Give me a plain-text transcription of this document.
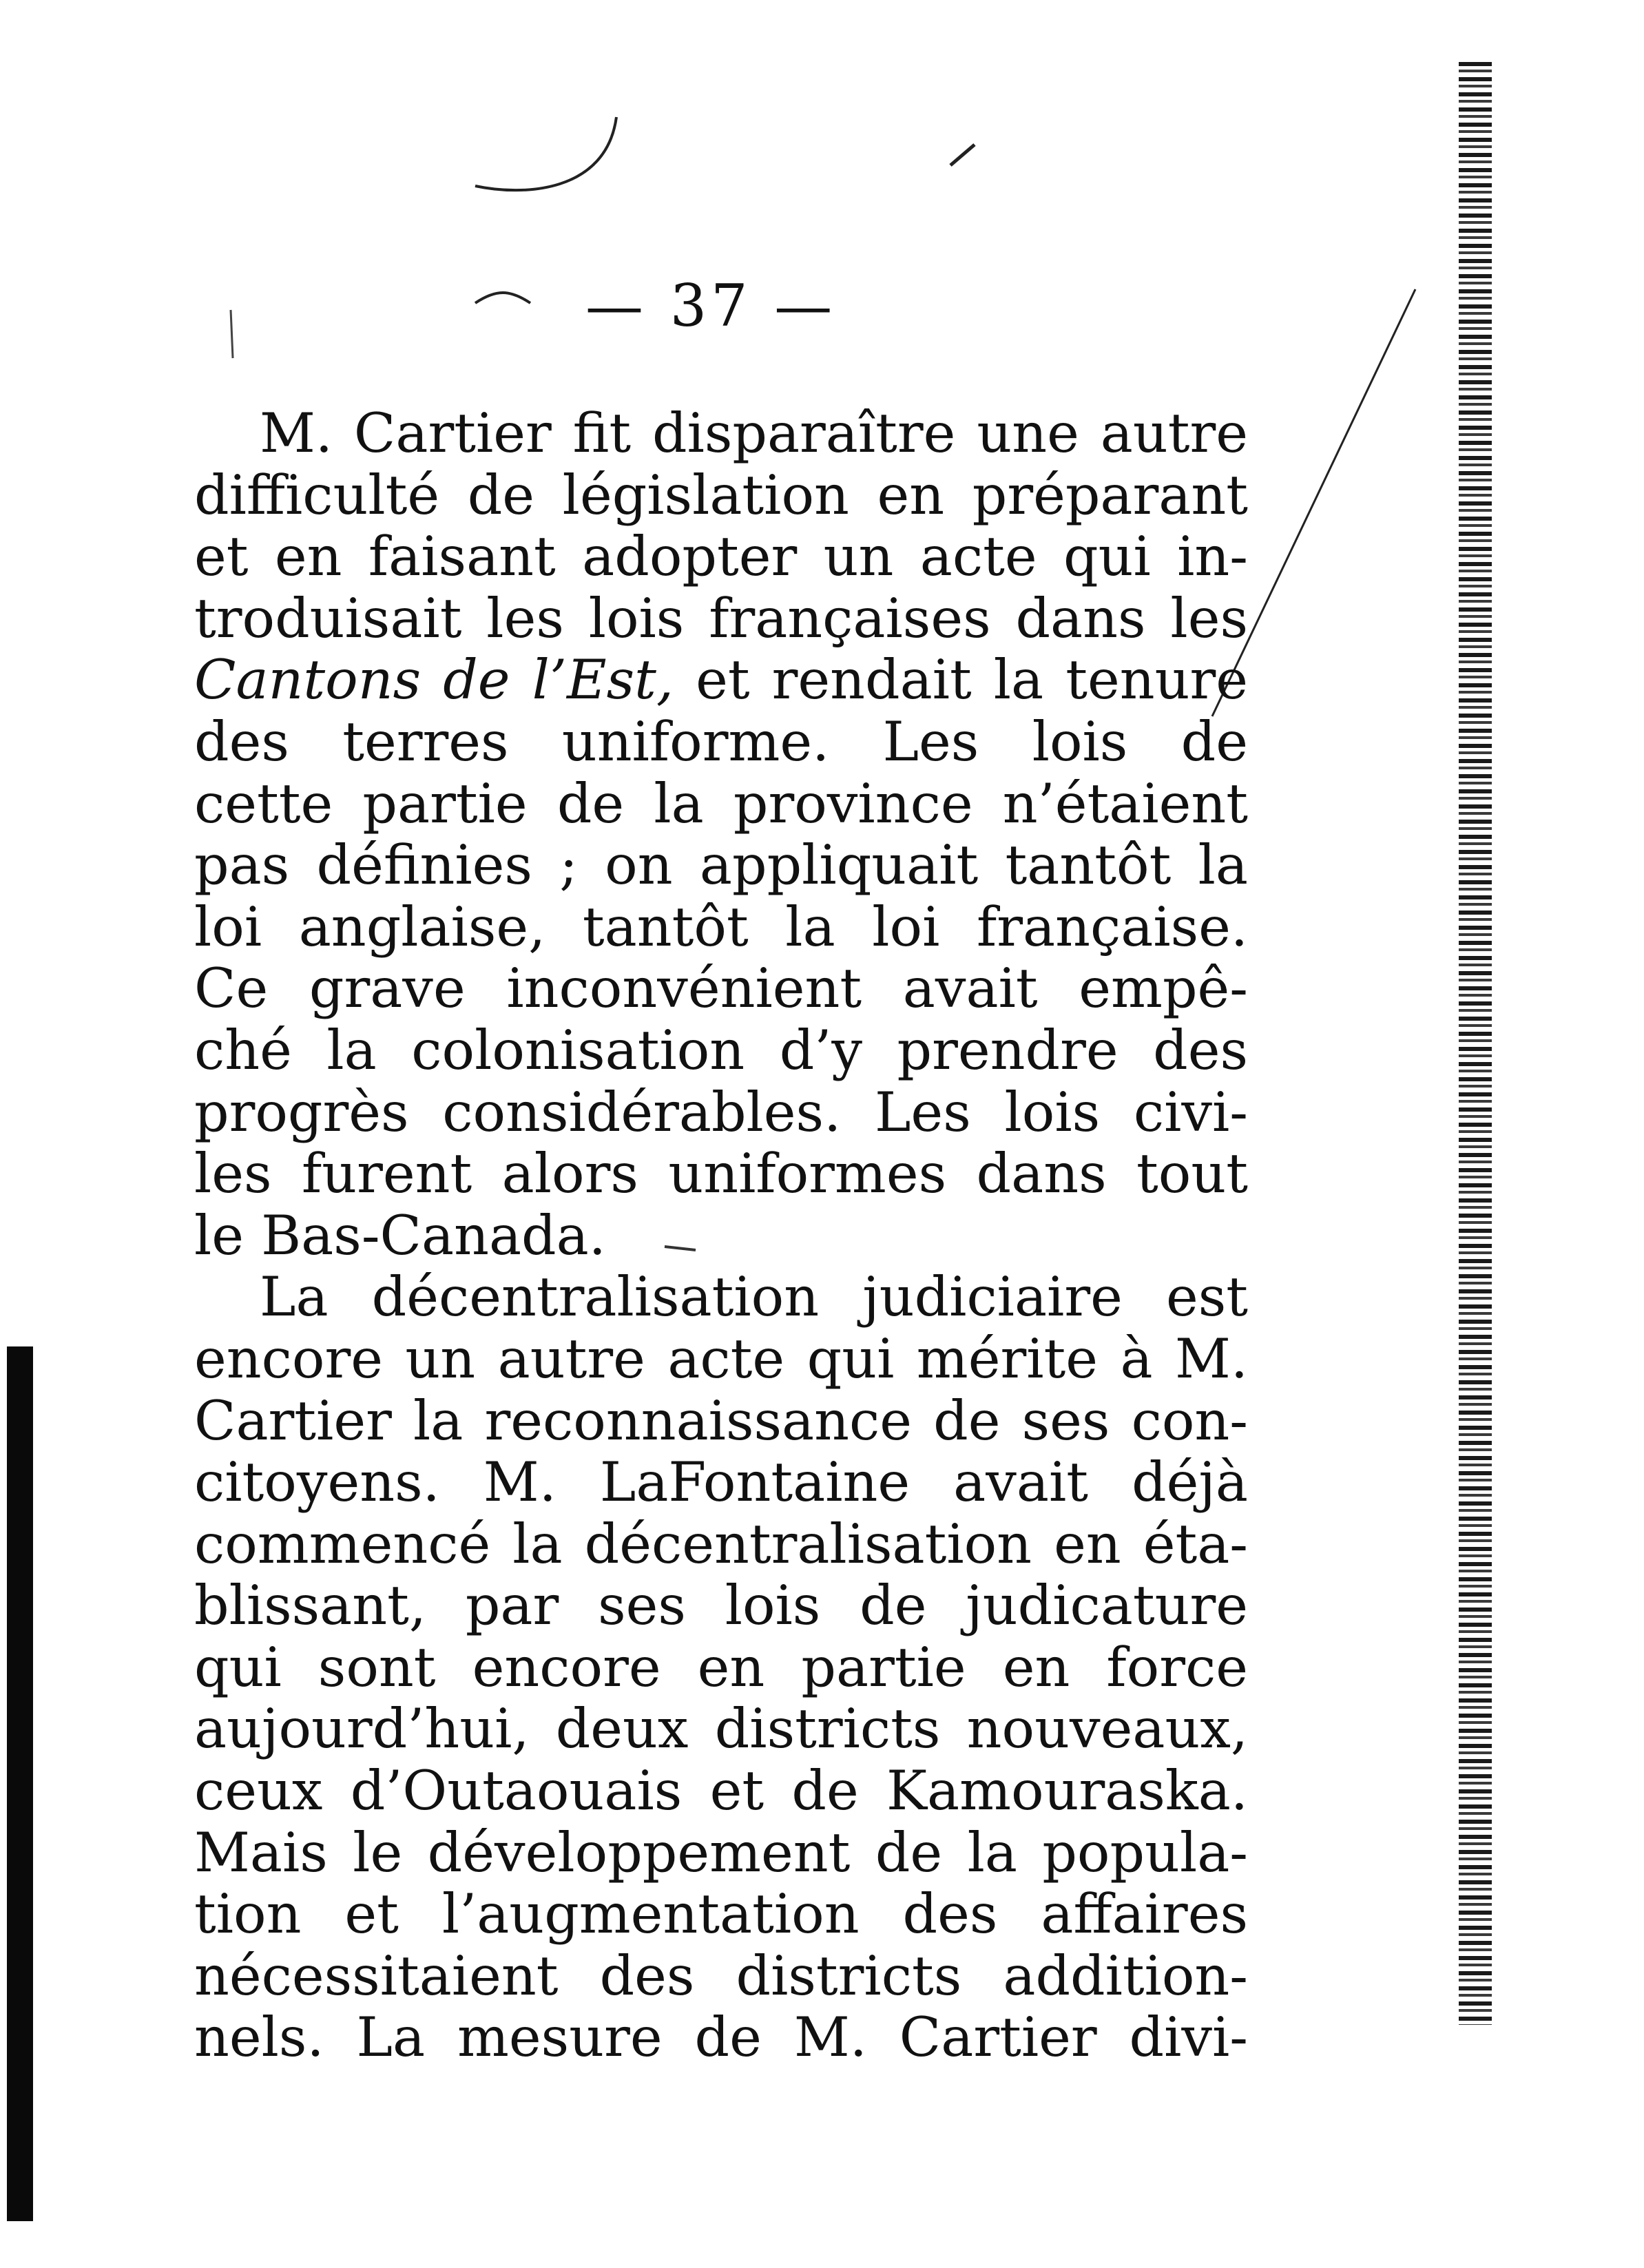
— 37 —
M. Cartier fit disparaître une autre
difficulté de législation en préparant
et en faisant adopter un acte qui in-
troduisait les lois françaises dans les
Cantons de l’Est, et rendait la tenure
des terres uniforme. Les lois de
cette partie de la province n’étaient
pas définies ; on appliquait tantôt la
loi anglaise, tantôt la loi française.
Ce grave inconvénient avait empê-
ché la colonisation d’y prendre des
progrès considérables. Les lois civi-
les furent alors uniformes dans tout
le Bas-Canada.
La décentralisation judiciaire est
encore un autre acte qui mérite à M.
Cartier la reconnaissance de ses con-
citoyens. M. LaFontaine avait déjà
commencé la décentralisation en éta-
blissant, par ses lois de judicature
qui sont encore en partie en force
aujourd’hui, deux districts nouveaux,
ceux d’Outaouais et de Kamouraska.
Mais le développement de la popula-
tion et l’augmentation des affaires
nécessitaient des districts addition-
nels. La mesure de M. Cartier divi-
